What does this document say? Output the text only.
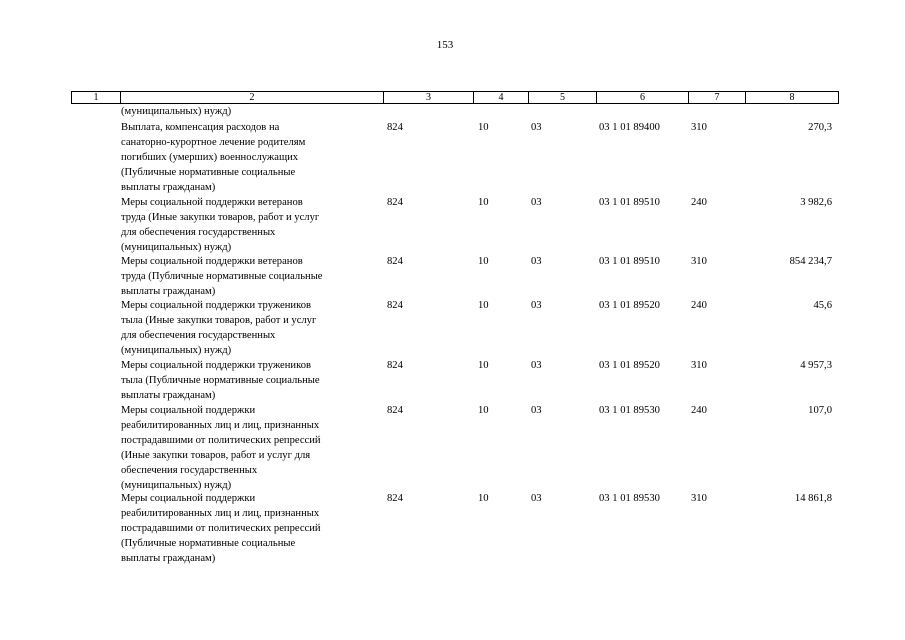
153
1	2	3	4	5	6	7	8
(муниципальных) нужд)
Выплата, компенсация расходов на
санаторно-курортное лечение родителям
погибших (умерших) военнослужащих
(Публичные нормативные социальные
выплаты гражданам)
824	10	03	03 1 01 89400	310	270,3
Меры социальной поддержки ветеранов
труда (Иные закупки товаров, работ и услуг
для обеспечения государственных
(муниципальных) нужд)
824	10	03	03 1 01 89510	240	3 982,6
Меры социальной поддержки ветеранов
труда (Публичные нормативные социальные
выплаты гражданам)
824	10	03	03 1 01 89510	310	854 234,7
Меры социальной поддержки тружеников
тыла (Иные закупки товаров, работ и услуг
для обеспечения государственных
(муниципальных) нужд)
824	10	03	03 1 01 89520	240	45,6
Меры социальной поддержки тружеников
тыла (Публичные нормативные социальные
выплаты гражданам)
824	10	03	03 1 01 89520	310	4 957,3
Меры социальной поддержки
реабилитированных лиц и лиц, признанных
пострадавшими от политических репрессий
(Иные закупки товаров, работ и услуг для
обеспечения государственных
(муниципальных) нужд)
824	10	03	03 1 01 89530	240	107,0
Меры социальной поддержки
реабилитированных лиц и лиц, признанных
пострадавшими от политических репрессий
(Публичные нормативные социальные
выплаты гражданам)
824	10	03	03 1 01 89530	310	14 861,8
